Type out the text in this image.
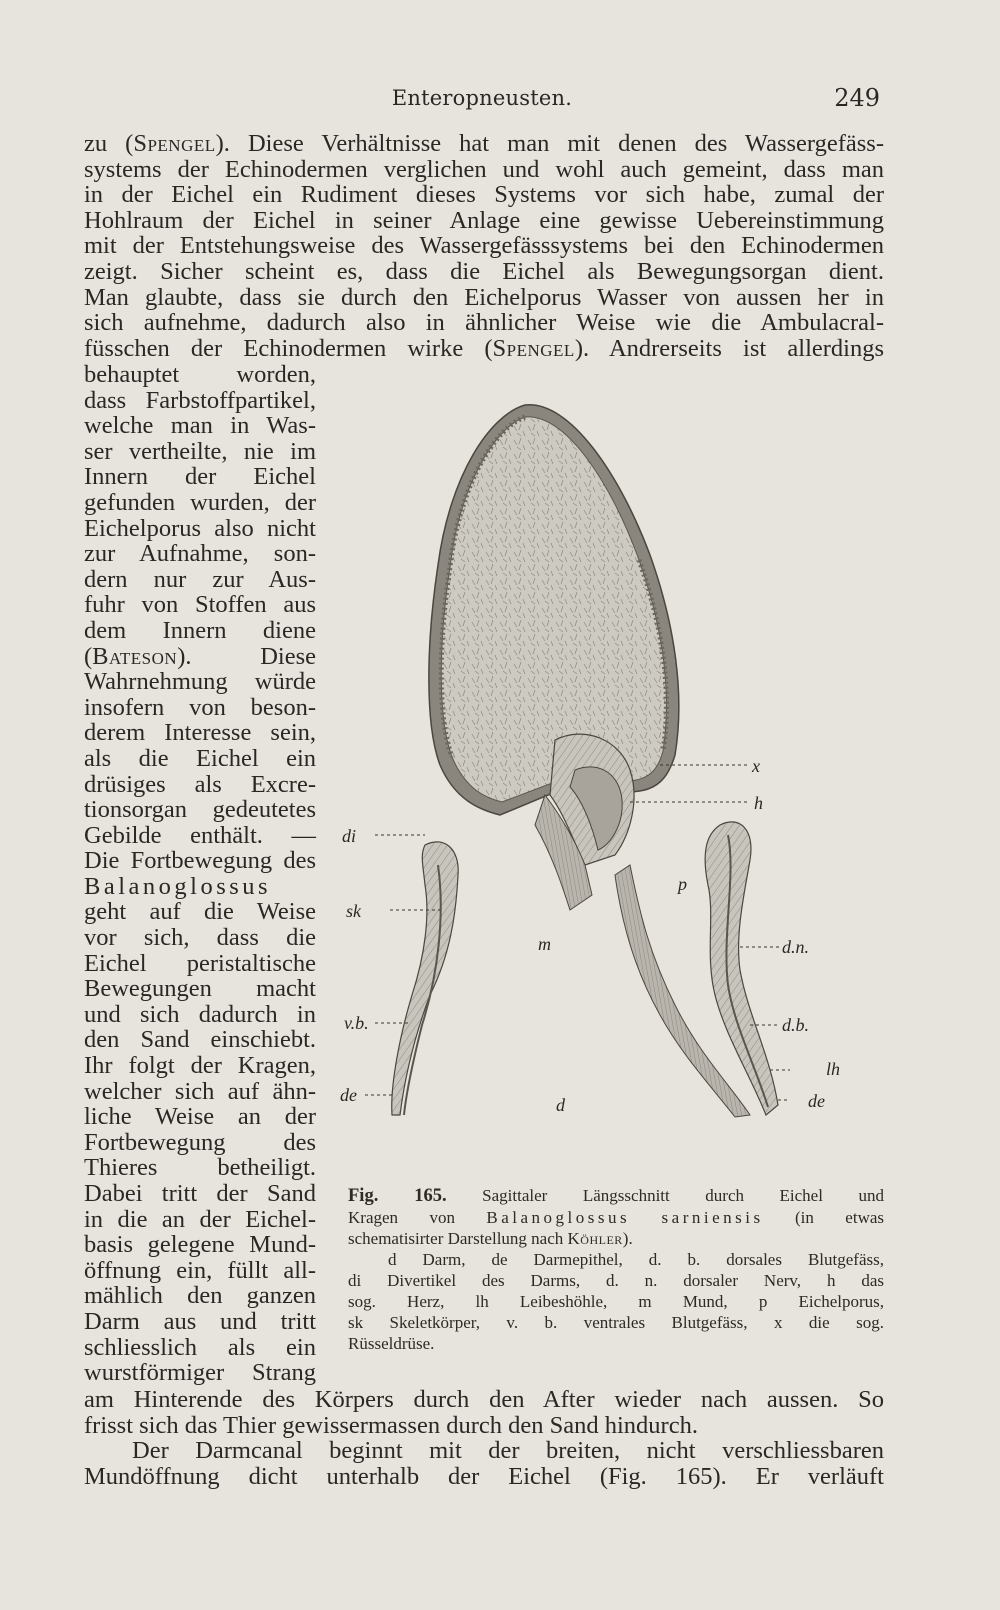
Enteropneusten.	249
zu (Spengel). Diese Verhältnisse hat man mit denen des Wassergefäss-
systems der Echinodermen verglichen und wohl auch gemeint, dass man
in der Eichel ein Rudiment dieses Systems vor sich habe, zumal der
Hohlraum der Eichel in seiner Anlage eine gewisse Uebereinstimmung
mit der Entstehungsweise des Wassergefässsystems bei den Echinodermen
zeigt. Sicher scheint es, dass die Eichel als Bewegungsorgan dient.
Man glaubte, dass sie durch den Eichelporus Wasser von aussen her in
sich aufnehme, dadurch also in ähnlicher Weise wie die Ambulacral-
füsschen der Echinodermen wirke (Spengel). Andrerseits ist allerdings
behauptet worden,
dass Farbstoffpartikel,
welche man in Was-
ser vertheilte, nie im
Innern der Eichel
gefunden wurden, der
Eichelporus also nicht
zur Aufnahme, son-
dern nur zur Aus-
fuhr von Stoffen aus
dem Innern diene
(Bateson). Diese
Wahrnehmung würde
insofern von beson-
derem Interesse sein,
als die Eichel ein
drüsiges als Excre-
tionsorgan gedeutetes
Gebilde enthält. —
Die Fortbewegung des
Balanoglossus
geht auf die Weise
vor sich, dass die
Eichel peristaltische
Bewegungen macht
und sich dadurch in
den Sand einschiebt.
Ihr folgt der Kragen,
welcher sich auf ähn-
liche Weise an der
Fortbewegung des
Thieres betheiligt.
Dabei tritt der Sand
in die an der Eichel-
basis gelegene Mund-
öffnung ein, füllt all-
mählich den ganzen
Darm aus und tritt
schliesslich als ein
wurstförmiger Strang
x
h
di
p
sk
m	d.n.
v.b.	d.b.
lh
de	d	de
Fig. 165. Sagittaler Längsschnitt durch Eichel und
Kragen von Balanoglossus sarniensis (in etwas
schematisirter Darstellung nach Köhler).
d Darm, de Darmepithel, d. b. dorsales Blutgefäss,
di Divertikel des Darms, d. n. dorsaler Nerv, h das
sog. Herz, lh Leibeshöhle, m Mund, p Eichelporus,
sk Skeletkörper, v. b. ventrales Blutgefäss, x die sog.
Rüsseldrüse.
am Hinterende des Körpers durch den After wieder nach aussen. So
frisst sich das Thier gewissermassen durch den Sand hindurch.
Der Darmcanal beginnt mit der breiten, nicht verschliessbaren
Mundöffnung dicht unterhalb der Eichel (Fig. 165). Er verläuft
